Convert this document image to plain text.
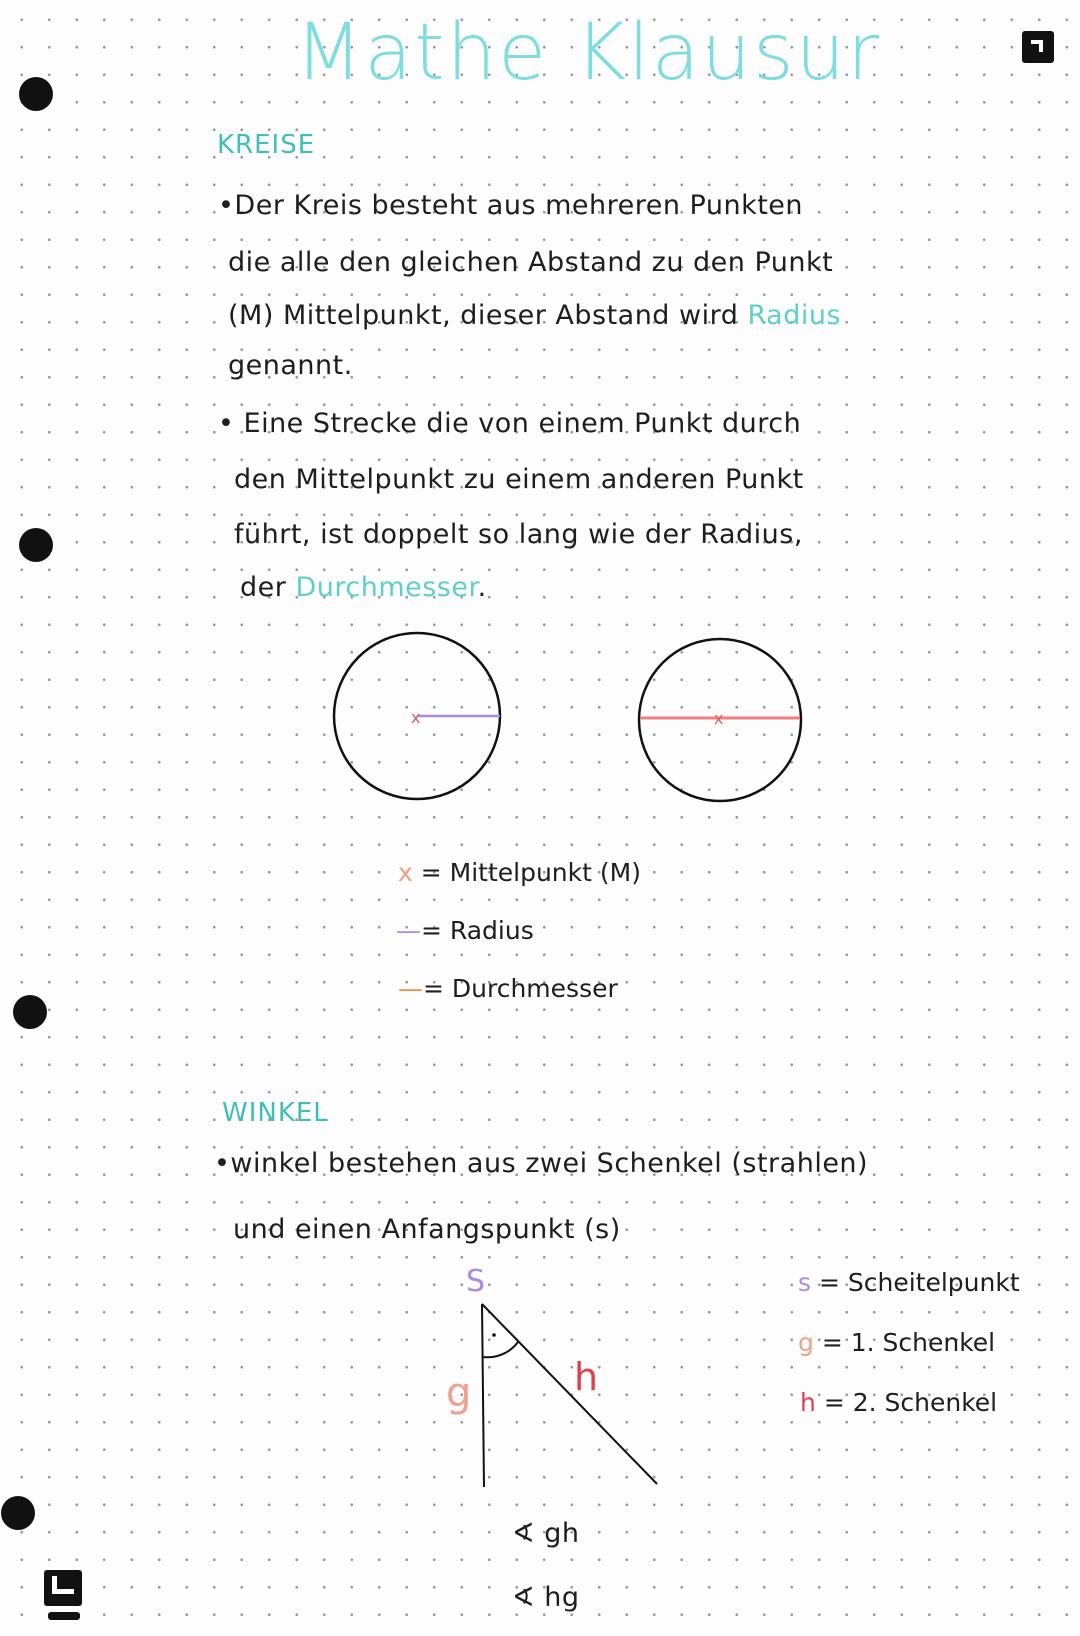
Mathe Klausur
KREISE
•Der Kreis besteht aus mehreren Punkten
die alle den gleichen Abstand zu den Punkt
(M) Mittelpunkt, dieser Abstand wird Radius
genannt.
• Eine Strecke die von einem Punkt durch
den Mittelpunkt zu einem anderen Punkt
führt, ist doppelt so lang wie der Radius,
der Durchmesser.
x	x
x = Mittelpunkt (M)
—= Radius
—= Durchmesser
WINKEL
•winkel bestehen aus zwei Schenkel (strahlen)
und einen Anfangspunkt (s)
S
g	h
s = Scheitelpunkt
g = 1. Schenkel
h = 2. Schenkel
∢ gh
∢ hg
